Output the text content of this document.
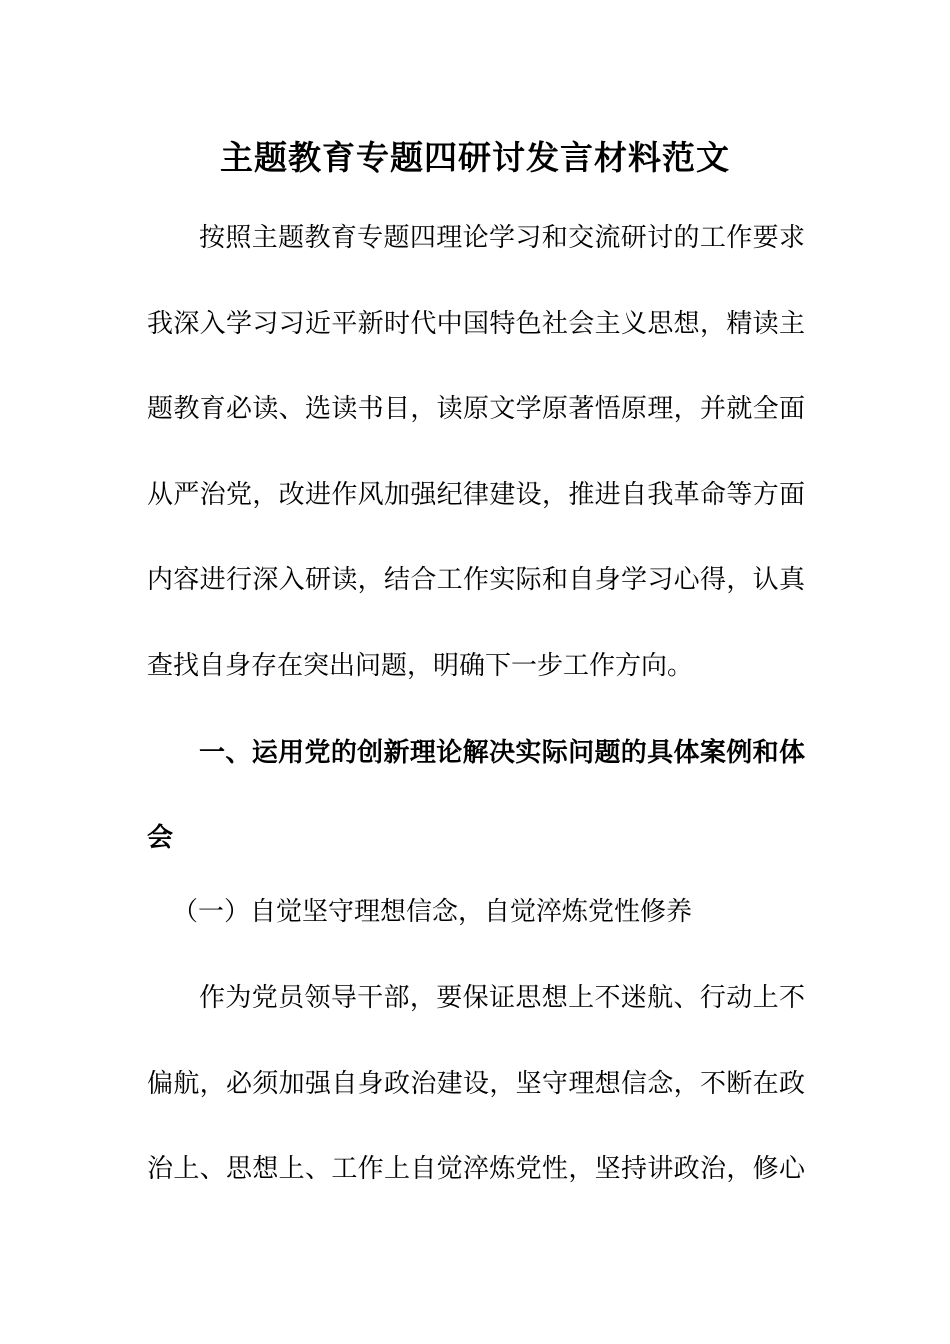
主题教育专题四研讨发言材料范文
按照主题教育专题四理论学习和交流研讨的工作要求
我深入学习习近平新时代中国特色社会主义思想，精读主
题教育必读、选读书目，读原文学原著悟原理，并就全面
从严治党，改进作风加强纪律建设，推进自我革命等方面
内容进行深入研读，结合工作实际和自身学习心得，认真
查找自身存在突出问题，明确下一步工作方向。
一、运用党的创新理论解决实际问题的具体案例和体
会
（一）自觉坚守理想信念，自觉淬炼党性修养
作为党员领导干部，要保证思想上不迷航、行动上不
偏航，必须加强自身政治建设，坚守理想信念，不断在政
治上、思想上、工作上自觉淬炼党性，坚持讲政治，修心
